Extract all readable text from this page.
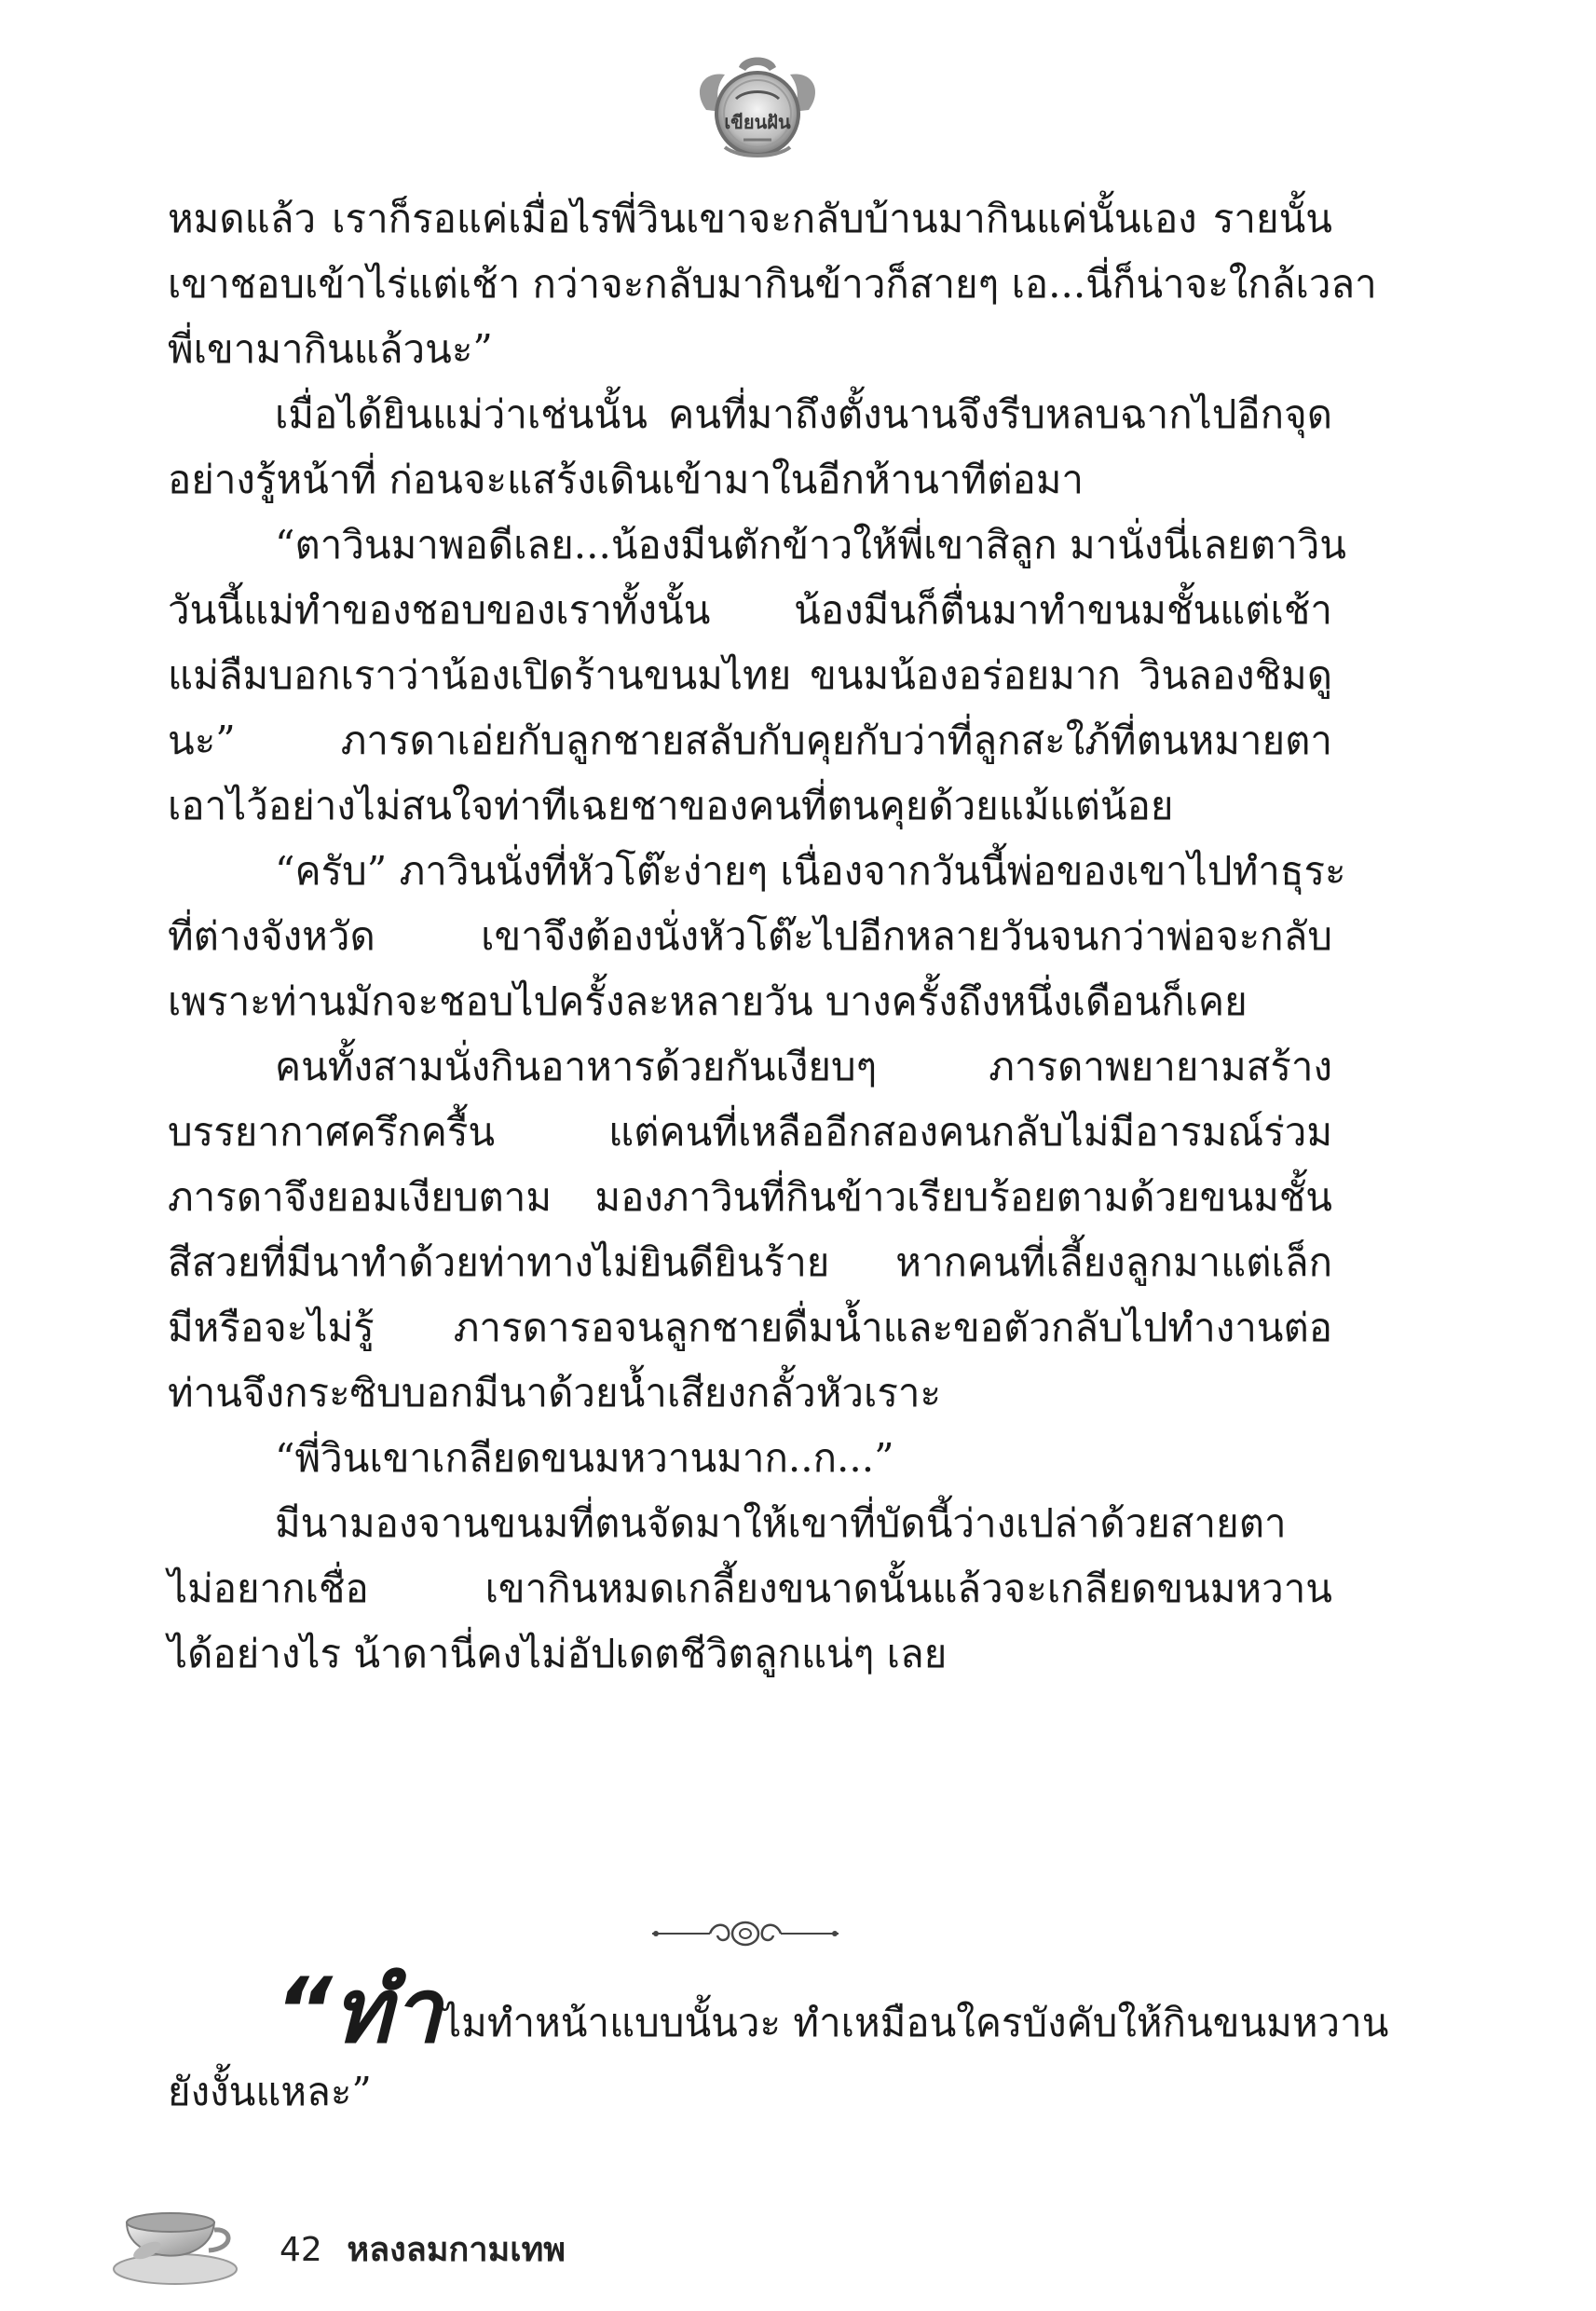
เขียนฝัน
หมดแล้ว เราก็รอแค่เมื่อไรพี่วินเขาจะกลับบ้านมากินแค่นั้นเอง รายนั้น
เขาชอบเข้าไร่แต่เช้า กว่าจะกลับมากินข้าวก็สายๆ เอ...นี่ก็น่าจะใกล้เวลา
พี่เขามากินแล้วนะ”
เมื่อได้ยินแม่ว่าเช่นนั้น คนที่มาถึงตั้งนานจึงรีบหลบฉากไปอีกจุด
อย่างรู้หน้าที่ ก่อนจะแสร้งเดินเข้ามาในอีกห้านาทีต่อมา
“ตาวินมาพอดีเลย...น้องมีนตักข้าวให้พี่เขาสิลูก มานั่งนี่เลยตาวิน
วันนี้แม่ทำของชอบของเราทั้งนั้น น้องมีนก็ตื่นมาทำขนมชั้นแต่เช้า
แม่ลืมบอกเราว่าน้องเปิดร้านขนมไทย ขนมน้องอร่อยมาก วินลองชิมดู
นะ” ภารดาเอ่ยกับลูกชายสลับกับคุยกับว่าที่ลูกสะใภ้ที่ตนหมายตา
เอาไว้อย่างไม่สนใจท่าทีเฉยชาของคนที่ตนคุยด้วยแม้แต่น้อย
“ครับ” ภาวินนั่งที่หัวโต๊ะง่ายๆ เนื่องจากวันนี้พ่อของเขาไปทำธุระ
ที่ต่างจังหวัด เขาจึงต้องนั่งหัวโต๊ะไปอีกหลายวันจนกว่าพ่อจะกลับ
เพราะท่านมักจะชอบไปครั้งละหลายวัน บางครั้งถึงหนึ่งเดือนก็เคย
คนทั้งสามนั่งกินอาหารด้วยกันเงียบๆ ภารดาพยายามสร้าง
บรรยากาศครึกครื้น แต่คนที่เหลืออีกสองคนกลับไม่มีอารมณ์ร่วม
ภารดาจึงยอมเงียบตาม มองภาวินที่กินข้าวเรียบร้อยตามด้วยขนมชั้น
สีสวยที่มีนาทำด้วยท่าทางไม่ยินดียินร้าย หากคนที่เลี้ยงลูกมาแต่เล็ก
มีหรือจะไม่รู้ ภารดารอจนลูกชายดื่มน้ำและขอตัวกลับไปทำงานต่อ
ท่านจึงกระซิบบอกมีนาด้วยน้ำเสียงกลั้วหัวเราะ
“พี่วินเขาเกลียดขนมหวานมาก..ก...”
มีนามองจานขนมที่ตนจัดมาให้เขาที่บัดนี้ว่างเปล่าด้วยสายตา
ไม่อยากเชื่อ เขากินหมดเกลี้ยงขนาดนั้นแล้วจะเกลียดขนมหวาน
ได้อย่างไร น้าดานี่คงไม่อัปเดตชีวิตลูกแน่ๆ เลย
“ทำไมทำหน้าแบบนั้นวะ ทำเหมือนใครบังคับให้กินขนมหวาน
ยังงั้นแหละ”
42 หลงลมกามเทพ
